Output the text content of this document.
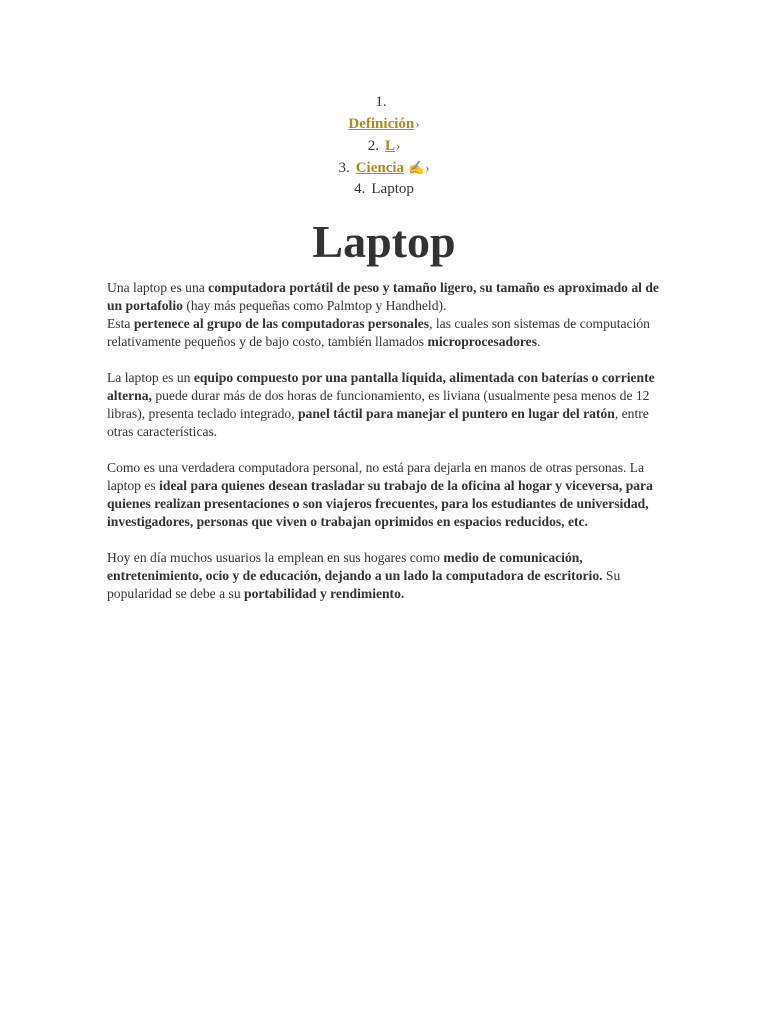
1.
Definición›
2. L›
3. Ciencia ✍›
4. Laptop
Laptop

Una laptop es una computadora portátil de peso y tamaño ligero, su tamaño es aproximado al de un portafolio (hay más pequeñas como Palmtop y Handheld).
Esta pertenece al grupo de las computadoras personales, las cuales son sistemas de computación relativamente pequeños y de bajo costo, también llamados microprocesadores.

La laptop es un equipo compuesto por una pantalla líquida, alimentada con baterías o corriente alterna, puede durar más de dos horas de funcionamiento, es liviana (usualmente pesa menos de 12 libras), presenta teclado integrado, panel táctil para manejar el puntero en lugar del ratón, entre otras características.

Como es una verdadera computadora personal, no está para dejarla en manos de otras personas. La laptop es ideal para quienes desean trasladar su trabajo de la oficina al hogar y viceversa, para quienes realizan presentaciones o son viajeros frecuentes, para los estudiantes de universidad, investigadores, personas que viven o trabajan oprimidos en espacios reducidos, etc.

Hoy en día muchos usuarios la emplean en sus hogares como medio de comunicación, entretenimiento, ocio y de educación, dejando a un lado la computadora de escritorio. Su popularidad se debe a su portabilidad y rendimiento.
